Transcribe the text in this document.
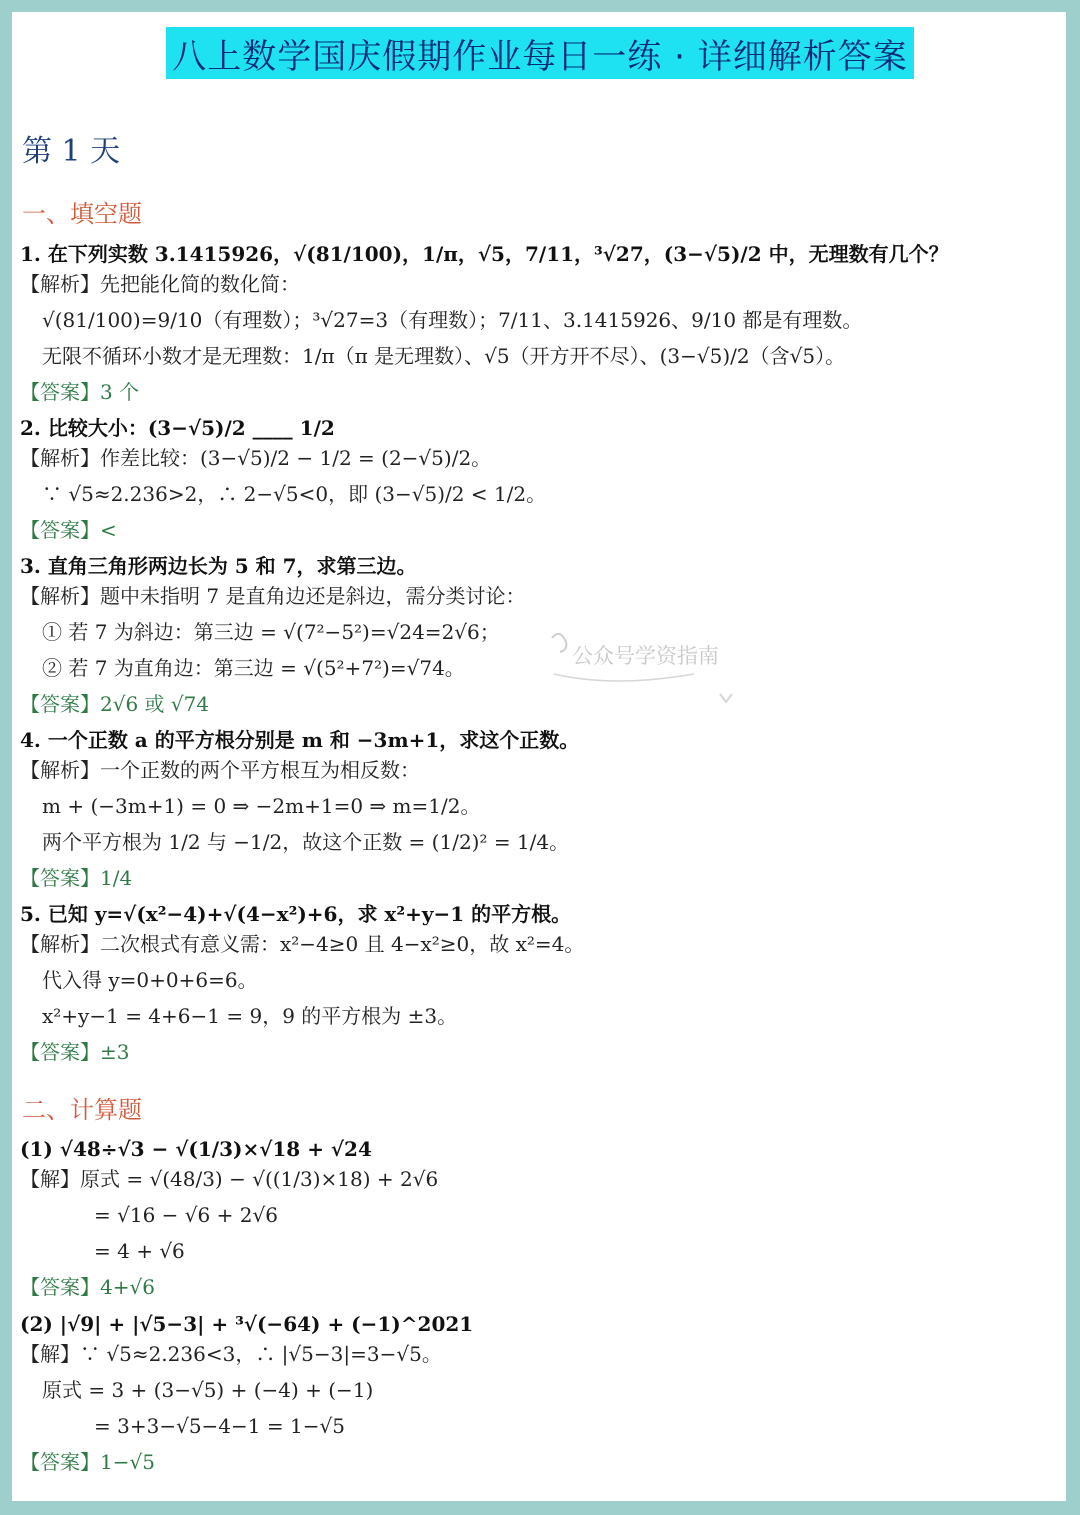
八上数学国庆假期作业每日一练 · 详细解析答案
第 1 天
一、填空题
1. 在下列实数 3.1415926，√(81/100)，1/π，√5，7/11，³√27，(3−√5)/2 中，无理数有几个？
【解析】先把能化简的数化简：
√(81/100)=9/10（有理数）；³√27=3（有理数）；7/11、3.1415926、9/10 都是有理数。
无限不循环小数才是无理数：1/π（π 是无理数）、√5（开方开不尽）、(3−√5)/2（含√5）。
【答案】3 个
2. 比较大小：(3−√5)/2 ____ 1/2
【解析】作差比较：(3−√5)/2 − 1/2 = (2−√5)/2。
∵ √5≈2.236>2，∴ 2−√5<0，即 (3−√5)/2 < 1/2。
【答案】<
3. 直角三角形两边长为 5 和 7，求第三边。
【解析】题中未指明 7 是直角边还是斜边，需分类讨论：
① 若 7 为斜边：第三边 = √(7²−5²)=√24=2√6；
② 若 7 为直角边：第三边 = √(5²+7²)=√74。
【答案】2√6 或 √74
公众号学资指南
4. 一个正数 a 的平方根分别是 m 和 −3m+1，求这个正数。
【解析】一个正数的两个平方根互为相反数：
m + (−3m+1) = 0 ⇒ −2m+1=0 ⇒ m=1/2。
两个平方根为 1/2 与 −1/2，故这个正数 = (1/2)² = 1/4。
【答案】1/4
5. 已知 y=√(x²−4)+√(4−x²)+6，求 x²+y−1 的平方根。
【解析】二次根式有意义需：x²−4≥0 且 4−x²≥0，故 x²=4。
代入得 y=0+0+6=6。
x²+y−1 = 4+6−1 = 9，9 的平方根为 ±3。
【答案】±3
二、计算题
(1) √48÷√3 − √(1/3)×√18 + √24
【解】原式 = √(48/3) − √((1/3)×18) + 2√6
= √16 − √6 + 2√6
= 4 + √6
【答案】4+√6
(2) |√9| + |√5−3| + ³√(−64) + (−1)^2021
【解】∵ √5≈2.236<3，∴ |√5−3|=3−√5。
原式 = 3 + (3−√5) + (−4) + (−1)
= 3+3−√5−4−1 = 1−√5
【答案】1−√5
